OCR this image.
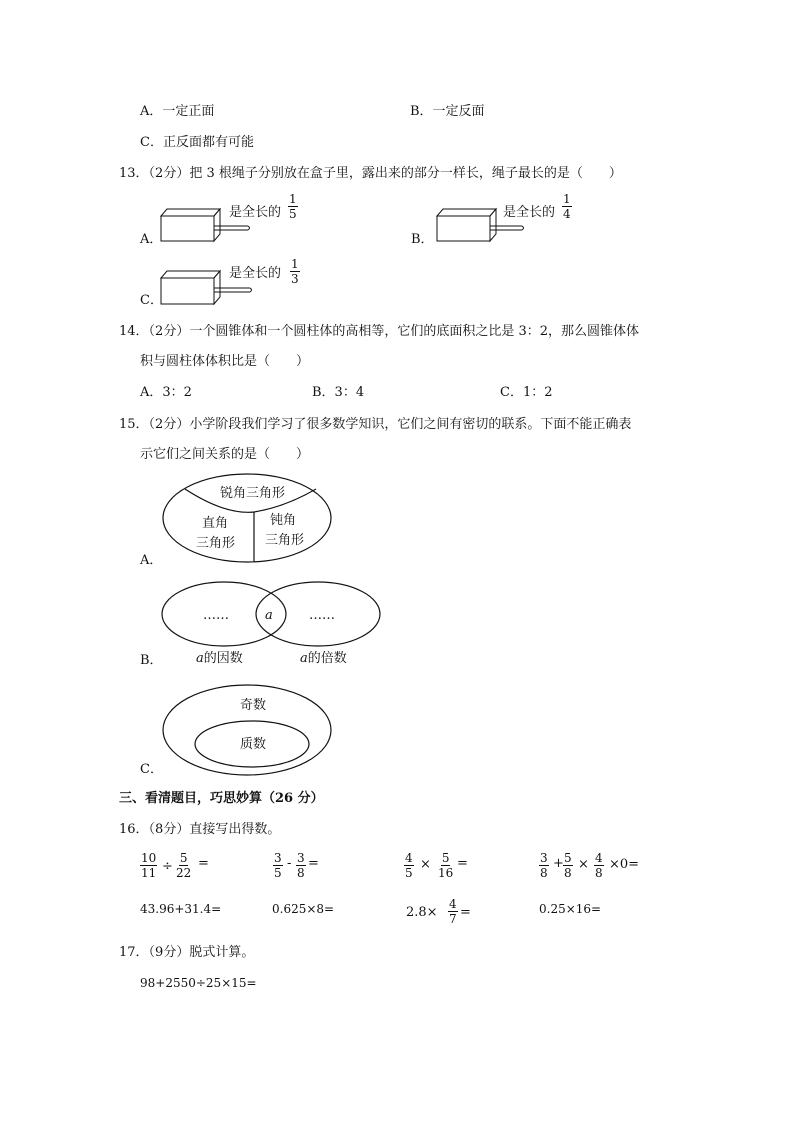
A．一定正面	B．一定反面
C．正反面都有可能
13．（2分）把 3 根绳子分别放在盒子里，露出来的部分一样长，绳子最长的是（　　）
A．
是全长的 $\frac{1}{5}$
B．
是全长的 $\frac{1}{4}$
C．
是全长的 $\frac{1}{3}$
14．（2分）一个圆锥体和一个圆柱体的高相等，它们的底面积之比是 3：2，那么圆锥体体
积与圆柱体体积比是（　　）
A．3：2	B．3：4	C．1：2
15．（2分）小学阶段我们学习了很多数学知识，它们之间有密切的联系。下面不能正确表
示它们之间关系的是（　　）
A．
锐角三角形
直角
三角形
钝角
三角形
B．
……	a	……
a的因数	a的倍数
C．
奇数
质数
三、看清题目，巧思妙算（26 分）
16．（8分）直接写出得数。
$\frac{10}{11} \div \frac{5}{22}$ =	$\frac{3}{5} - \frac{3}{8}$ =	$\frac{4}{5} \times \frac{5}{16}$ =	$\frac{3}{8} + \frac{5}{8} \times \frac{4}{8} \times 0=$
43.96+31.4=	0.625×8=	$2.8\times \frac{4}{7}$ =	0.25×16=
17．（9分）脱式计算。
98+2550÷25×15=
